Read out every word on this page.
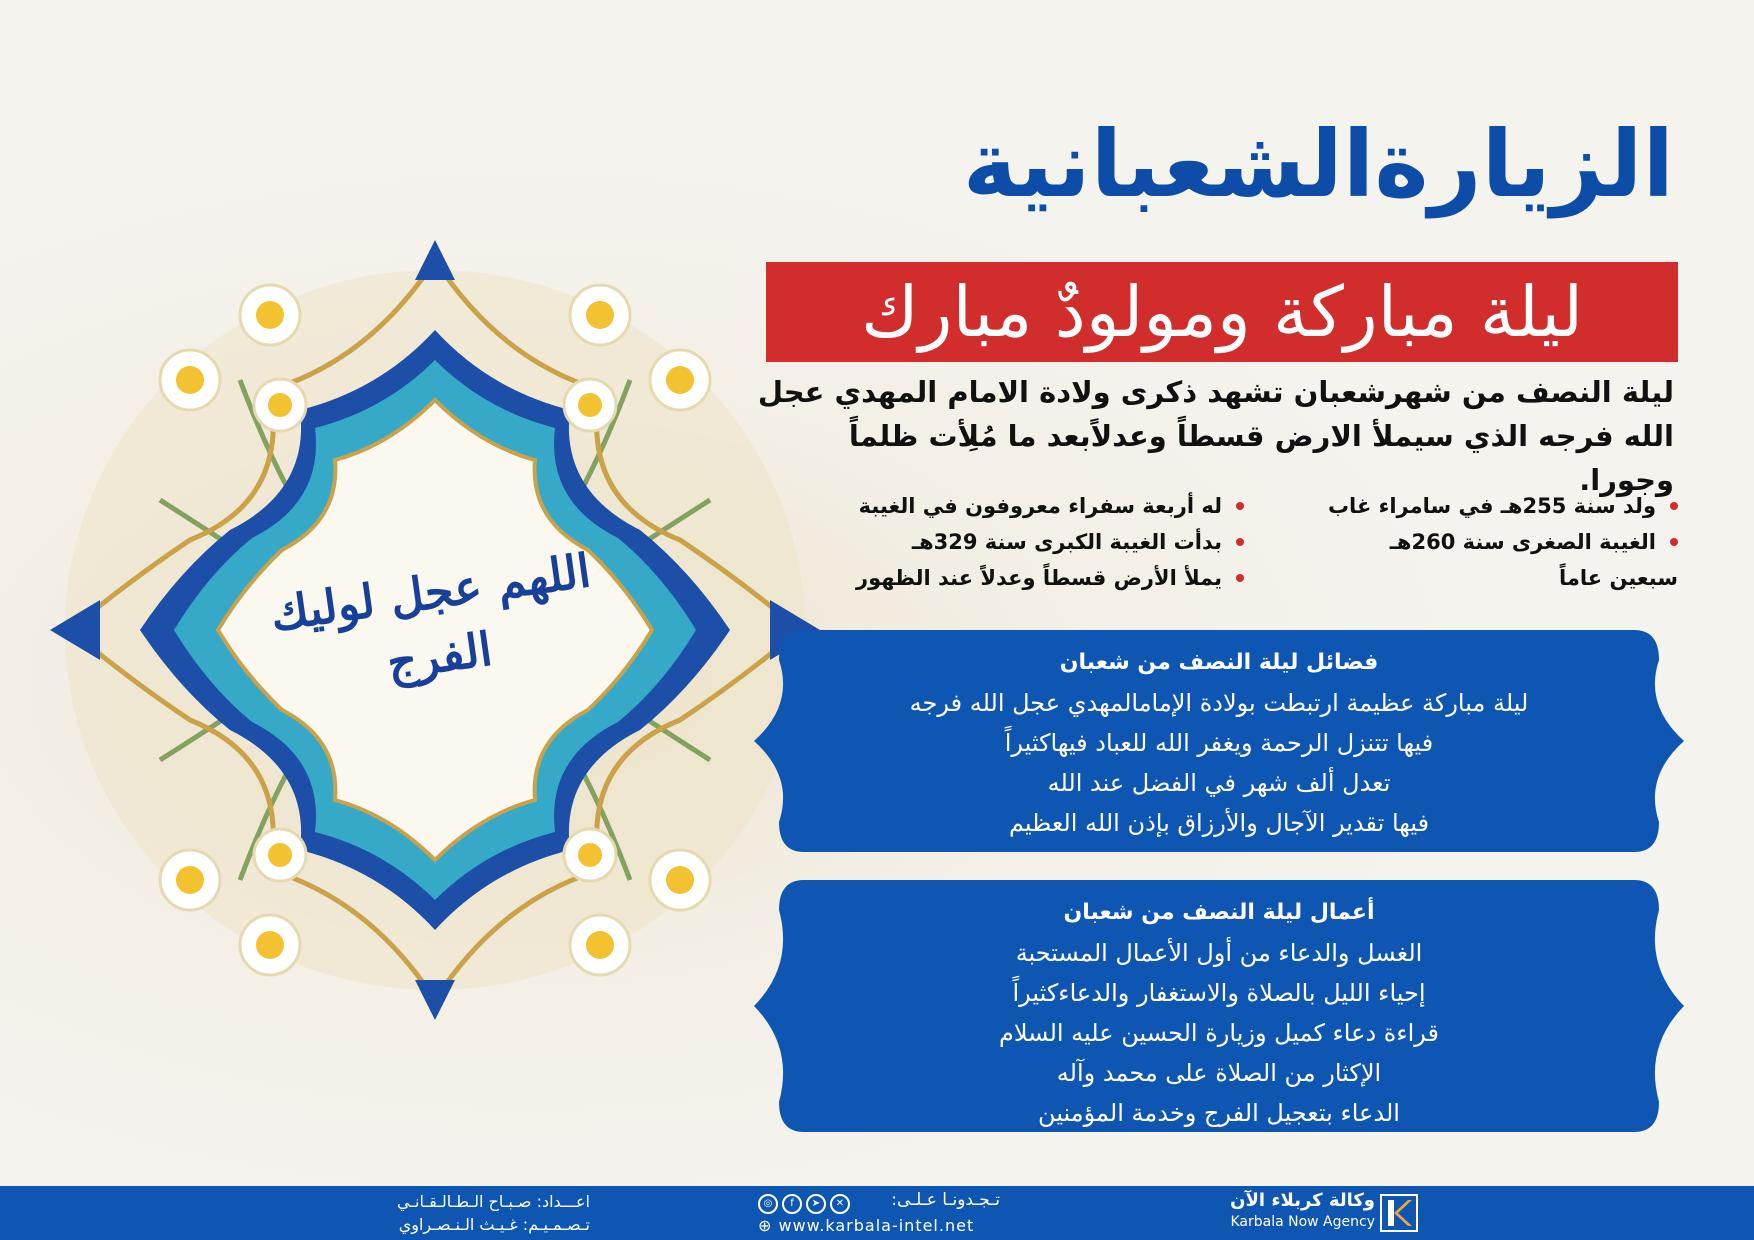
اللهم عجل لوليك الفرج
الزيارةالشعبانية
ليلة مباركة ومولودٌ مبارك
ليلة النصف من شهرشعبان تشهد ذكرى ولادة الامام المهدي عجل
الله فرجه الذي سيملأ الارض قسطاً وعدلاًبعد ما مُلِأت ظلماً وجورا.
ولد سنة 255هـ في سامراء غاب
الغيبة الصغرى سنة 260هـ
سبعين عاماً
له أربعة سفراء معروفون في الغيبة
بدأت الغيبة الكبرى سنة 329هـ
يملأ الأرض قسطاً وعدلاً عند الظهور
فضائل ليلة النصف من شعبان
ليلة مباركة عظيمة ارتبطت بولادة الإمامالمهدي عجل الله فرجه
فيها تتنزل الرحمة ويغفر الله للعباد فيهاكثيراً
تعدل ألف شهر في الفضل عند الله
فيها تقدير الآجال والأرزاق بإذن الله العظيم
أعمال ليلة النصف من شعبان
الغسل والدعاء من أول الأعمال المستحبة
إحياء الليل بالصلاة والاستغفار والدعاءكثيراً
قراءة دعاء كميل وزيارة الحسين عليه السلام
الإكثار من الصلاة على محمد وآله
الدعاء بتعجيل الفرج وخدمة المؤمنين
اعـــداد: صـبـاح الـطـالـقـانـي
تـصـمـيـم: غـيـث الـنـصـراوي
تـجـدونـا عـلـى:
◎	f	➤	✕
⊕ www.karbala-intel.net
وكالة كربلاء الآن
Karbala Now Agency
